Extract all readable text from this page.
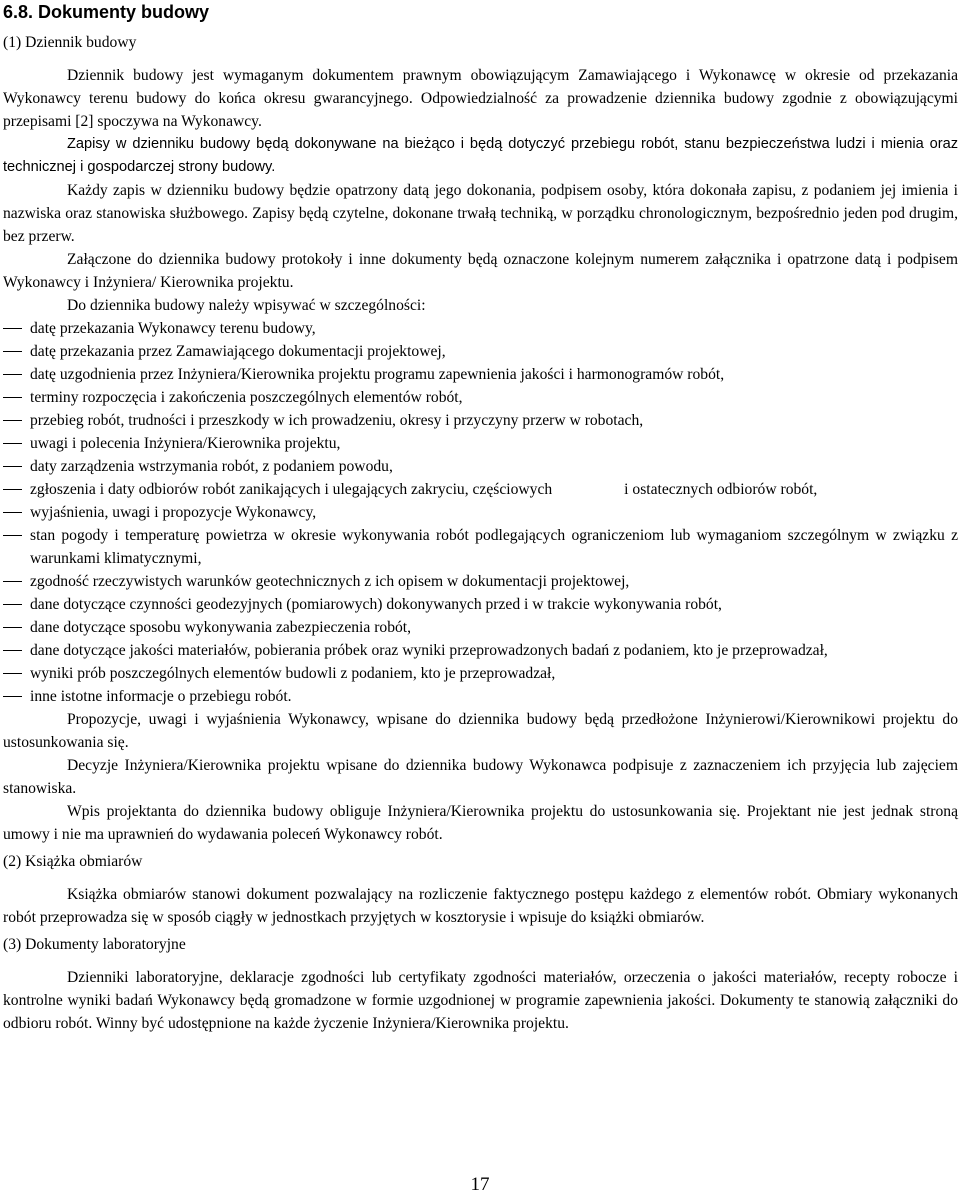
6.8. Dokumenty budowy
(1) Dziennik budowy

Dziennik budowy jest wymaganym dokumentem prawnym obowiązującym Zamawiającego i Wykonawcę w okresie od przekazania Wykonawcy terenu budowy do końca okresu gwarancyjnego. Odpowiedzialność za prowadzenie dziennika budowy zgodnie z obowiązującymi przepisami [2] spoczywa na Wykonawcy.

Zapisy w dzienniku budowy będą dokonywane na bieżąco i będą dotyczyć przebiegu robót, stanu bezpieczeństwa ludzi i mienia oraz technicznej i gospodarczej strony budowy.

Każdy zapis w dzienniku budowy będzie opatrzony datą jego dokonania, podpisem osoby, która dokonała zapisu, z podaniem jej imienia i nazwiska oraz stanowiska służbowego. Zapisy będą czytelne, dokonane trwałą techniką, w porządku chronologicznym, bezpośrednio jeden pod drugim, bez przerw.

Załączone do dziennika budowy protokoły i inne dokumenty będą oznaczone kolejnym numerem załącznika i opatrzone datą i podpisem Wykonawcy i Inżyniera/ Kierownika projektu.

Do dziennika budowy należy wpisywać w szczególności:

datę przekazania Wykonawcy terenu budowy,
datę przekazania przez Zamawiającego dokumentacji projektowej,
datę uzgodnienia przez Inżyniera/Kierownika projektu programu zapewnienia jakości i harmonogramów robót,
terminy rozpoczęcia i zakończenia poszczególnych elementów robót,
przebieg robót, trudności i przeszkody w ich prowadzeniu, okresy i przyczyny przerw w robotach,
uwagi i polecenia Inżyniera/Kierownika projektu,
daty zarządzenia wstrzymania robót, z podaniem powodu,
zgłoszenia i daty odbiorów robót zanikających i ulegających zakryciu, częściowych	i ostatecznych odbiorów robót,
wyjaśnienia, uwagi i propozycje Wykonawcy,
stan pogody i temperaturę powietrza w okresie wykonywania robót podlegających ograniczeniom lub wymaganiom szczególnym w związku z warunkami klimatycznymi,
zgodność rzeczywistych warunków geotechnicznych z ich opisem w dokumentacji projektowej,
dane dotyczące czynności geodezyjnych (pomiarowych) dokonywanych przed i w trakcie wykonywania robót,
dane dotyczące sposobu wykonywania zabezpieczenia robót,
dane dotyczące jakości materiałów, pobierania próbek oraz wyniki przeprowadzonych badań z podaniem, kto je przeprowadzał,
wyniki prób poszczególnych elementów budowli z podaniem, kto je przeprowadzał,
inne istotne informacje o przebiegu robót.

Propozycje, uwagi i wyjaśnienia Wykonawcy, wpisane do dziennika budowy będą przedłożone Inżynierowi/Kierownikowi projektu do ustosunkowania się.

Decyzje Inżyniera/Kierownika projektu wpisane do dziennika budowy Wykonawca podpisuje z zaznaczeniem ich przyjęcia lub zajęciem stanowiska.

Wpis projektanta do dziennika budowy obliguje Inżyniera/Kierownika projektu do ustosunkowania się. Projektant nie jest jednak stroną umowy i nie ma uprawnień do wydawania poleceń Wykonawcy robót.

(2) Książka obmiarów

Książka obmiarów stanowi dokument pozwalający na rozliczenie faktycznego postępu każdego z elementów robót. Obmiary wykonanych robót przeprowadza się w sposób ciągły w jednostkach przyjętych w kosztorysie i wpisuje do książki obmiarów.

(3) Dokumenty laboratoryjne

Dzienniki laboratoryjne, deklaracje zgodności lub certyfikaty zgodności materiałów, orzeczenia o jakości materiałów, recepty robocze i kontrolne wyniki badań Wykonawcy będą gromadzone w formie uzgodnionej w programie zapewnienia jakości. Dokumenty te stanowią załączniki do odbioru robót. Winny być udostępnione na każde życzenie Inżyniera/Kierownika projektu.

17
